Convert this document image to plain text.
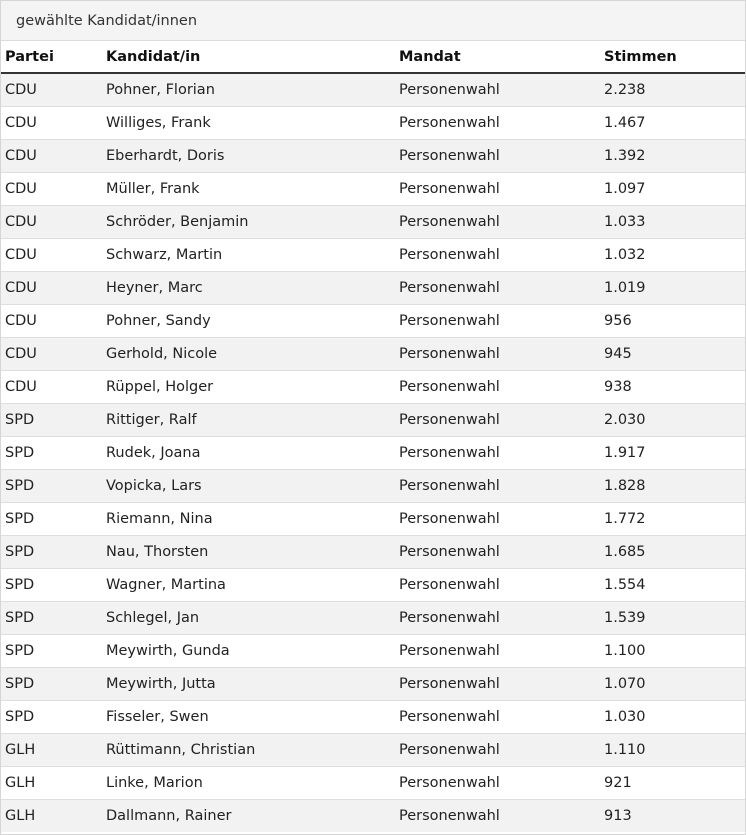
gewählte Kandidat/innen
Partei	Kandidat/in	Mandat	Stimmen
CDU	Pohner, Florian	Personenwahl	2.238
CDU	Williges, Frank	Personenwahl	1.467
CDU	Eberhardt, Doris	Personenwahl	1.392
CDU	Müller, Frank	Personenwahl	1.097
CDU	Schröder, Benjamin	Personenwahl	1.033
CDU	Schwarz, Martin	Personenwahl	1.032
CDU	Heyner, Marc	Personenwahl	1.019
CDU	Pohner, Sandy	Personenwahl	956
CDU	Gerhold, Nicole	Personenwahl	945
CDU	Rüppel, Holger	Personenwahl	938
SPD	Rittiger, Ralf	Personenwahl	2.030
SPD	Rudek, Joana	Personenwahl	1.917
SPD	Vopicka, Lars	Personenwahl	1.828
SPD	Riemann, Nina	Personenwahl	1.772
SPD	Nau, Thorsten	Personenwahl	1.685
SPD	Wagner, Martina	Personenwahl	1.554
SPD	Schlegel, Jan	Personenwahl	1.539
SPD	Meywirth, Gunda	Personenwahl	1.100
SPD	Meywirth, Jutta	Personenwahl	1.070
SPD	Fisseler, Swen	Personenwahl	1.030
GLH	Rüttimann, Christian	Personenwahl	1.110
GLH	Linke, Marion	Personenwahl	921
GLH	Dallmann, Rainer	Personenwahl	913
